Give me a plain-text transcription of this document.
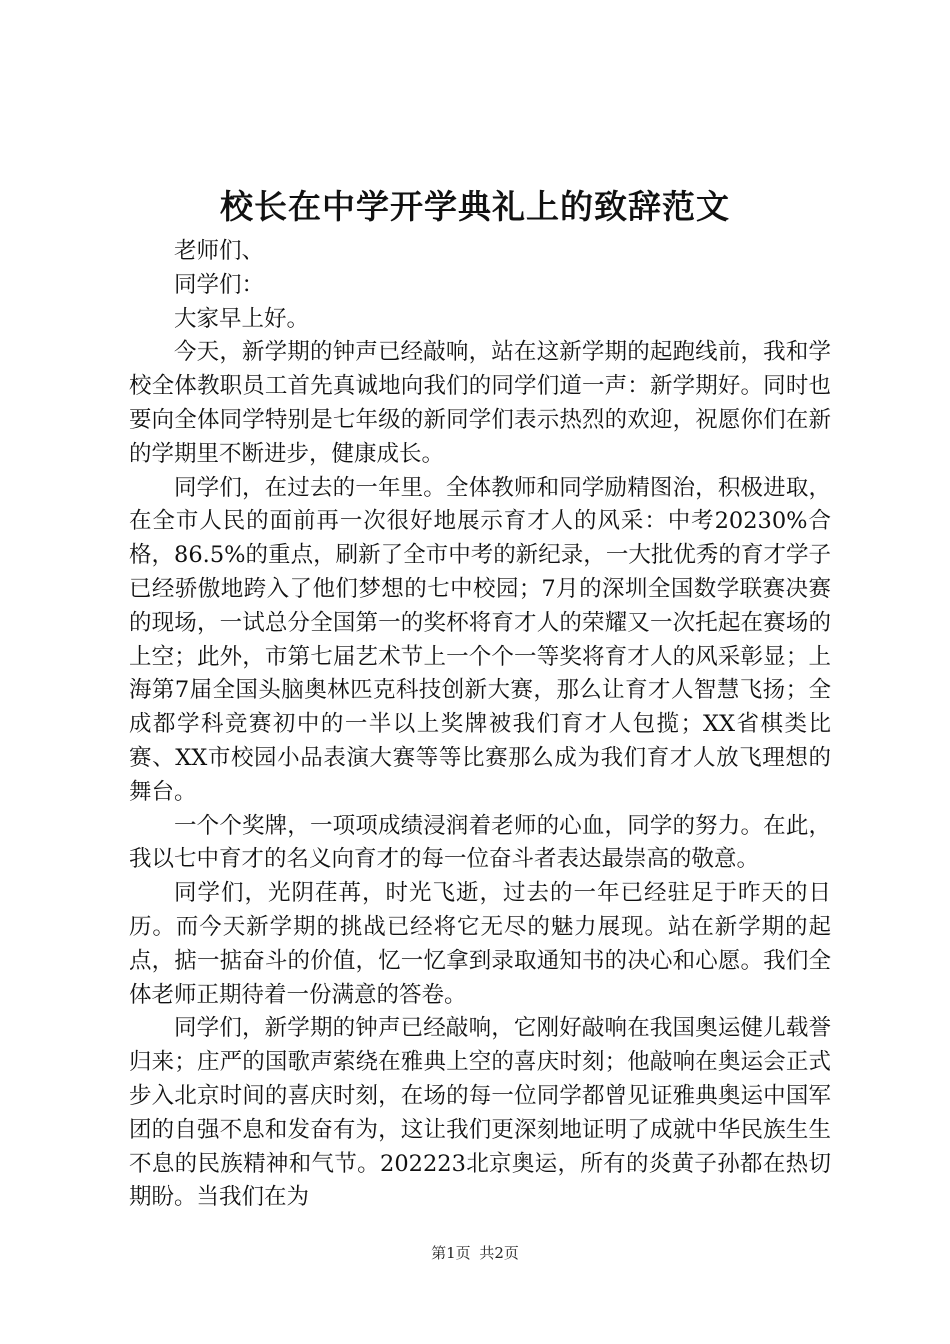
校长在中学开学典礼上的致辞范文

老师们、

同学们：

大家早上好。

今天，新学期的钟声已经敲响，站在这新学期的起跑线前，我和学校全体教职员工首先真诚地向我们的同学们道一声：新学期好。同时也要向全体同学特别是七年级的新同学们表示热烈的欢迎，祝愿你们在新的学期里不断进步，健康成长。

同学们，在过去的一年里。全体教师和同学励精图治，积极进取，在全市人民的面前再一次很好地展示育才人的风采：中考20230%合格，86.5%的重点，刷新了全市中考的新纪录，一大批优秀的育才学子已经骄傲地跨入了他们梦想的七中校园；7月的深圳全国数学联赛决赛的现场，一试总分全国第一的奖杯将育才人的荣耀又一次托起在赛场的上空；此外，市第七届艺术节上一个个一等奖将育才人的风采彰显；上海第7届全国头脑奥林匹克科技创新大赛，那么让育才人智慧飞扬；全成都学科竞赛初中的一半以上奖牌被我们育才人包揽；XX省棋类比赛、XX市校园小品表演大赛等等比赛那么成为我们育才人放飞理想的舞台。

一个个奖牌，一项项成绩浸润着老师的心血，同学的努力。在此，我以七中育才的名义向育才的每一位奋斗者表达最崇高的敬意。

同学们，光阴荏苒，时光飞逝，过去的一年已经驻足于昨天的日历。而今天新学期的挑战已经将它无尽的魅力展现。站在新学期的起点，掂一掂奋斗的价值，忆一忆拿到录取通知书的决心和心愿。我们全体老师正期待着一份满意的答卷。

同学们，新学期的钟声已经敲响，它刚好敲响在我国奥运健儿载誉归来；庄严的国歌声萦绕在雅典上空的喜庆时刻；他敲响在奥运会正式步入北京时间的喜庆时刻，在场的每一位同学都曾见证雅典奥运中国军团的自强不息和发奋有为，这让我们更深刻地证明了成就中华民族生生不息的民族精神和气节。202223北京奥运，所有的炎黄子孙都在热切期盼。当我们在为

第1页 共2页
